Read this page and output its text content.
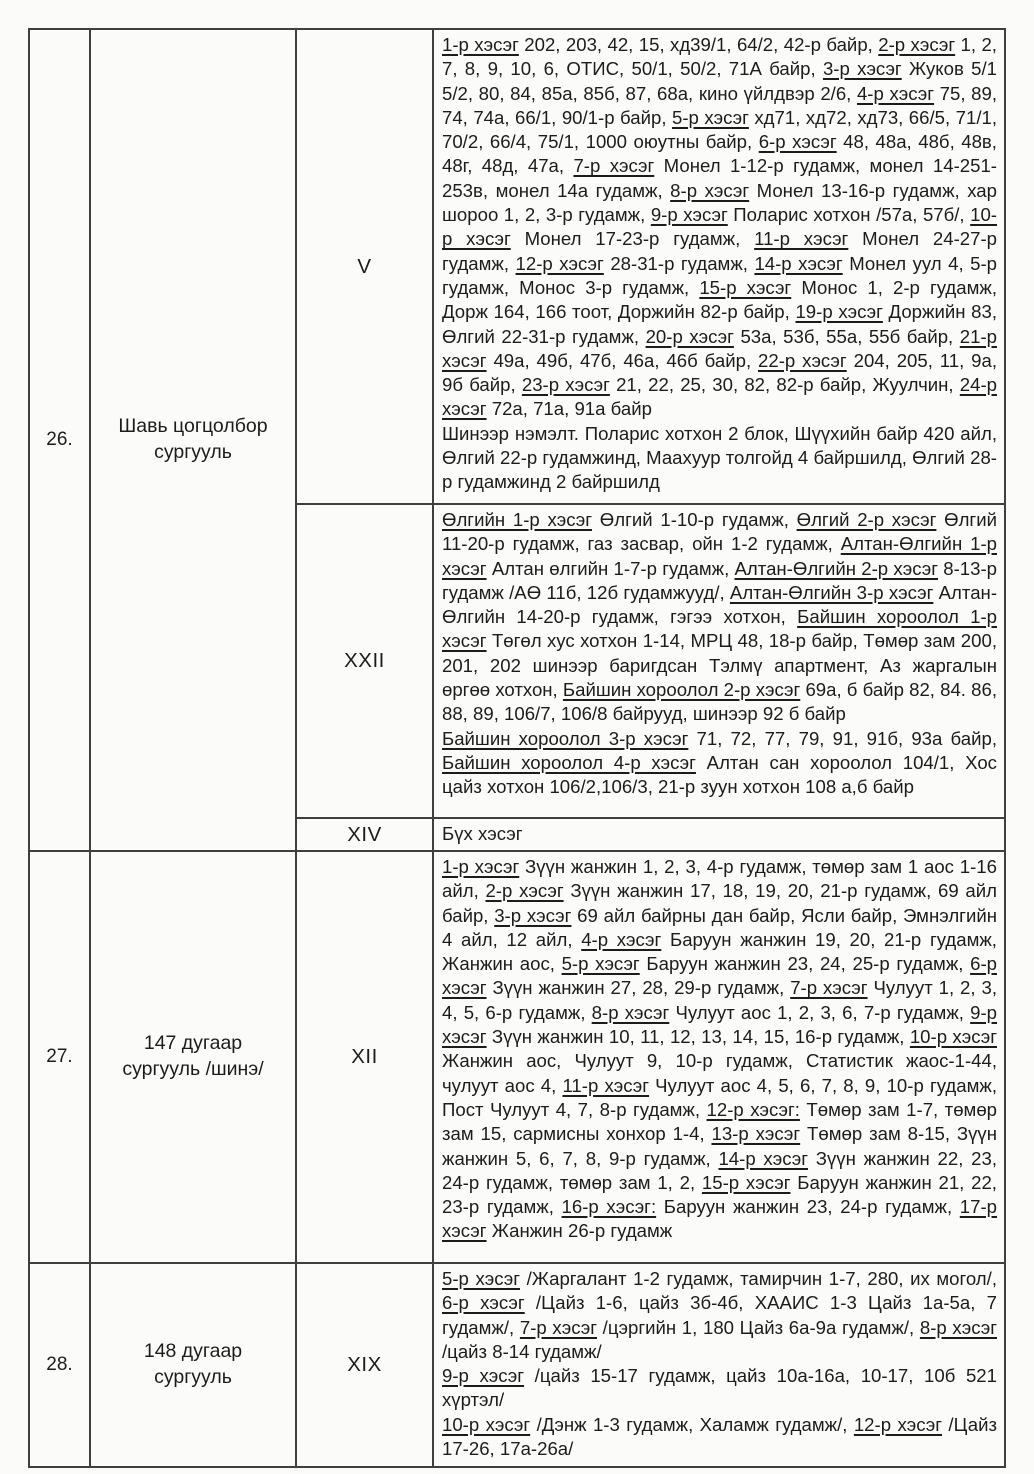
26.	Шавь цогцолбор сургууль	V	1-р хэсэг 202, 203, 42, 15, хд39/1, 64/2, 42-р байр, 2-р хэсэг 1, 2, 7, 8, 9, 10, 6, ОТИС, 50/1, 50/2, 71А байр, 3-р хэсэг Жуков 5/1 5/2, 80, 84, 85а, 85б, 87, 68а, кино үйлдвэр 2/6, 4-р хэсэг 75, 89, 74, 74а, 66/1, 90/1-р байр, 5-р хэсэг хд71, хд72, хд73, 66/5, 71/1, 70/2, 66/4, 75/1, 1000 оюутны байр, 6-р хэсэг 48, 48а, 48б, 48в, 48г, 48д, 47а, 7-р хэсэг Монел 1-12-р гудамж, монел 14-251-253в, монел 14а гудамж, 8-р хэсэг Монел 13-16-р гудамж, хар шороо 1, 2, 3-р гудамж, 9-р хэсэг Поларис хотхон /57а, 57б/, 10-р хэсэг Монел 17-23-р гудамж, 11-р хэсэг Монел 24-27-р гудамж, 12-р хэсэг 28-31-р гудамж, 14-р хэсэг Монел уул 4, 5-р гудамж, Монос 3-р гудамж, 15-р хэсэг Монос 1, 2-р гудамж, Дорж 164, 166 тоот, Доржийн 82-р байр, 19-р хэсэг Доржийн 83, Өлгий 22-31-р гудамж, 20-р хэсэг 53а, 53б, 55а, 55б байр, 21-р хэсэг 49а, 49б, 47б, 46а, 46б байр, 22-р хэсэг 204, 205, 11, 9а, 9б байр, 23-р хэсэг 21, 22, 25, 30, 82, 82-р байр, Жуулчин, 24-р хэсэг 72а, 71а, 91а байр
Шинээр нэмэлт. Поларис хотхон 2 блок, Шүүхийн байр 420 айл, Өлгий 22-р гудамжинд, Маахуур толгойд 4 байршилд, Өлгий 28-р гудамжинд 2 байршилд

		XXII	Өлгийн 1-р хэсэг Өлгий 1-10-р гудамж, Өлгий 2-р хэсэг Өлгий 11-20-р гудамж, газ засвар, ойн 1-2 гудамж, Алтан-Өлгийн 1-р хэсэг Алтан өлгийн 1-7-р гудамж, Алтан-Өлгийн 2-р хэсэг 8-13-р гудамж /АӨ 11б, 12б гудамжууд/, Алтан-Өлгийн 3-р хэсэг Алтан-Өлгийн 14-20-р гудамж, гэгээ хотхон, Байшин хороолол 1-р хэсэг Төгөл хус хотхон 1-14, МРЦ 48, 18-р байр, Төмөр зам 200, 201, 202 шинээр баригдсан Тэлмү апартмент, Аз жаргалын өргөө хотхон, Байшин хороолол 2-р хэсэг 69а, б байр 82, 84. 86, 88, 89, 106/7, 106/8 байрууд, шинээр 92 б байр
Байшин хороолол 3-р хэсэг 71, 72, 77, 79, 91, 91б, 93а байр, Байшин хороолол 4-р хэсэг Алтан сан хороолол 104/1, Хос цайз хотхон 106/2,106/3, 21-р зуун хотхон 108 а,б байр

		XIV	Бүх хэсэг

27.	147 дугаар сургууль /шинэ/	XII	1-р хэсэг Зүүн жанжин 1, 2, 3, 4-р гудамж, төмөр зам 1 аос 1-16 айл, 2-р хэсэг Зүүн жанжин 17, 18, 19, 20, 21-р гудамж, 69 айл байр, 3-р хэсэг 69 айл байрны дан байр, Ясли байр, Эмнэлгийн 4 айл, 12 айл, 4-р хэсэг Баруун жанжин 19, 20, 21-р гудамж, Жанжин аос, 5-р хэсэг Баруун жанжин 23, 24, 25-р гудамж, 6-р хэсэг Зүүн жанжин 27, 28, 29-р гудамж, 7-р хэсэг Чулуут 1, 2, 3, 4, 5, 6-р гудамж, 8-р хэсэг Чулуут аос 1, 2, 3, 6, 7-р гудамж, 9-р хэсэг Зүүн жанжин 10, 11, 12, 13, 14, 15, 16-р гудамж, 10-р хэсэг Жанжин аос, Чулуут 9, 10-р гудамж, Статистик жаос-1-44, чулуут аос 4, 11-р хэсэг Чулуут аос 4, 5, 6, 7, 8, 9, 10-р гудамж, Пост Чулуут 4, 7, 8-р гудамж, 12-р хэсэг: Төмөр зам 1-7, төмөр зам 15, сармисны хонхор 1-4, 13-р хэсэг Төмөр зам 8-15, Зүүн жанжин 5, 6, 7, 8, 9-р гудамж, 14-р хэсэг Зүүн жанжин 22, 23, 24-р гудамж, төмөр зам 1, 2, 15-р хэсэг Баруун жанжин 21, 22, 23-р гудамж, 16-р хэсэг: Баруун жанжин 23, 24-р гудамж, 17-р хэсэг Жанжин 26-р гудамж

28.	148 дугаар сургууль	XIX	5-р хэсэг /Жаргалант 1-2 гудамж, тамирчин 1-7, 280, их могол/, 6-р хэсэг /Цайз 1-6, цайз 3б-4б, ХААИС 1-3 Цайз 1а-5а, 7 гудамж/, 7-р хэсэг /цэргийн 1, 180 Цайз 6а-9а гудамж/, 8-р хэсэг /цайз 8-14 гудамж/
9-р хэсэг /цайз 15-17 гудамж, цайз 10а-16а, 10-17, 10б 521 хүртэл/
10-р хэсэг /Дэнж 1-3 гудамж, Халамж гудамж/, 12-р хэсэг /Цайз 17-26, 17а-26а/
